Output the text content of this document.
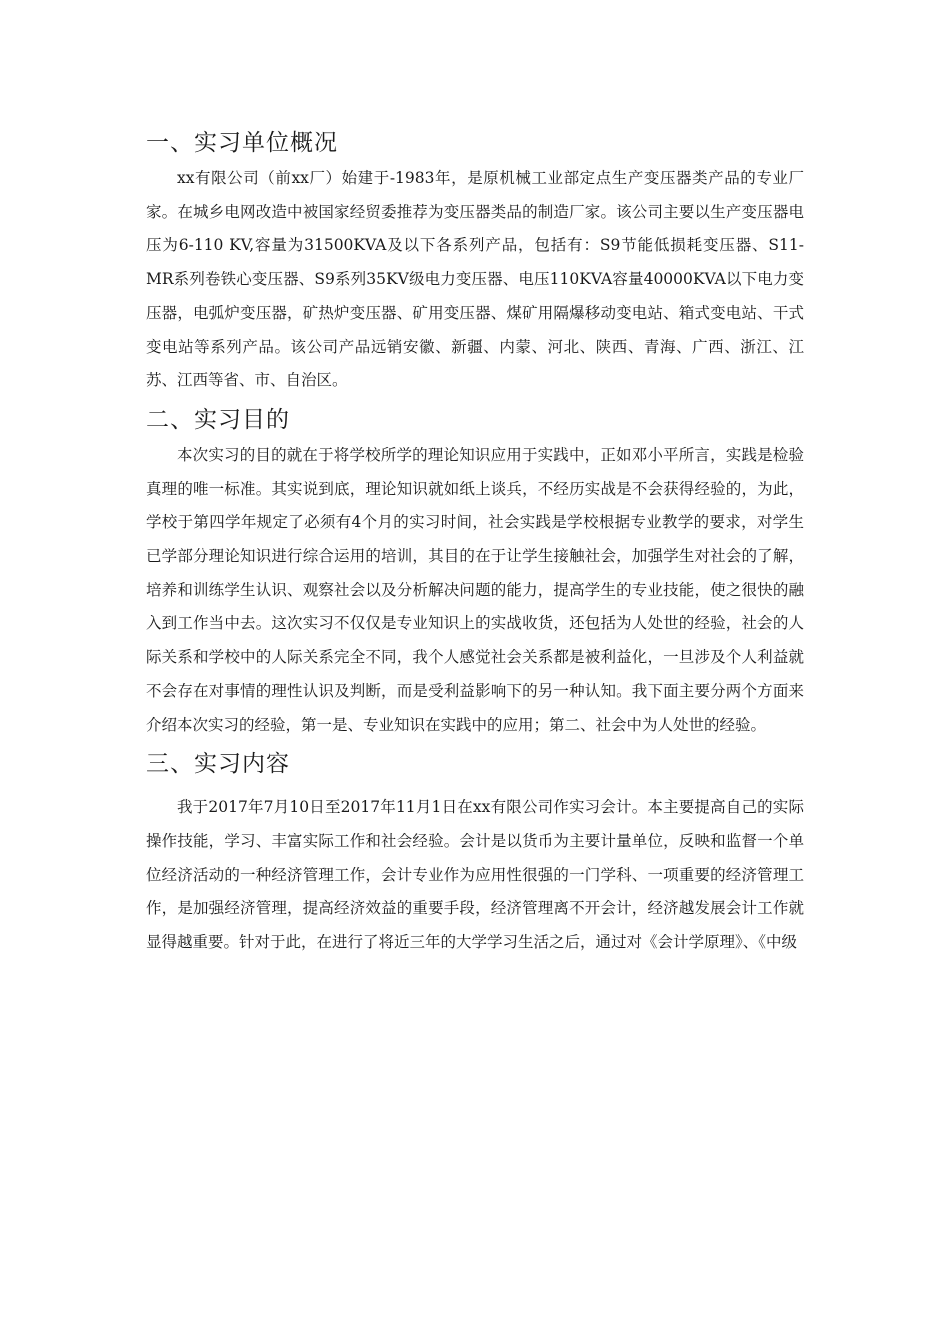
一、实习单位概况

xx有限公司（前xx厂）始建于-1983年，是原机械工业部定点生产变压器类产品的专业厂家。在城乡电网改造中被国家经贸委推荐为变压器类品的制造厂家。该公司主要以生产变压器电压为6-110 KV,容量为31500KVA及以下各系列产品，包括有：S9节能低损耗变压器、S11-MR系列卷铁心变压器、S9系列35KV级电力变压器、电压110KVA容量40000KVA以下电力变压器，电弧炉变压器，矿热炉变压器、矿用变压器、煤矿用隔爆移动变电站、箱式变电站、干式变电站等系列产品。该公司产品远销安徽、新疆、内蒙、河北、陕西、青海、广西、浙江、江苏、江西等省、市、自治区。

二、实习目的

本次实习的目的就在于将学校所学的理论知识应用于实践中，正如邓小平所言，实践是检验真理的唯一标准。其实说到底，理论知识就如纸上谈兵，不经历实战是不会获得经验的，为此，学校于第四学年规定了必须有4个月的实习时间，社会实践是学校根据专业教学的要求，对学生已学部分理论知识进行综合运用的培训，其目的在于让学生接触社会，加强学生对社会的了解，培养和训练学生认识、观察社会以及分析解决问题的能力，提高学生的专业技能，使之很快的融入到工作当中去。这次实习不仅仅是专业知识上的实战收货，还包括为人处世的经验，社会的人际关系和学校中的人际关系完全不同，我个人感觉社会关系都是被利益化，一旦涉及个人利益就不会存在对事情的理性认识及判断，而是受利益影响下的另一种认知。我下面主要分两个方面来介绍本次实习的经验，第一是、专业知识在实践中的应用；第二、社会中为人处世的经验。

三、实习内容

我于2017年7月10日至2017年11月1日在xx有限公司作实习会计。本主要提高自己的实际操作技能，学习、丰富实际工作和社会经验。会计是以货币为主要计量单位，反映和监督一个单位经济活动的一种经济管理工作，会计专业作为应用性很强的一门学科、一项重要的经济管理工作，是加强经济管理，提高经济效益的重要手段，经济管理离不开会计，经济越发展会计工作就显得越重要。针对于此，在进行了将近三年的大学学习生活之后，通过对《会计学原理》、《中级
